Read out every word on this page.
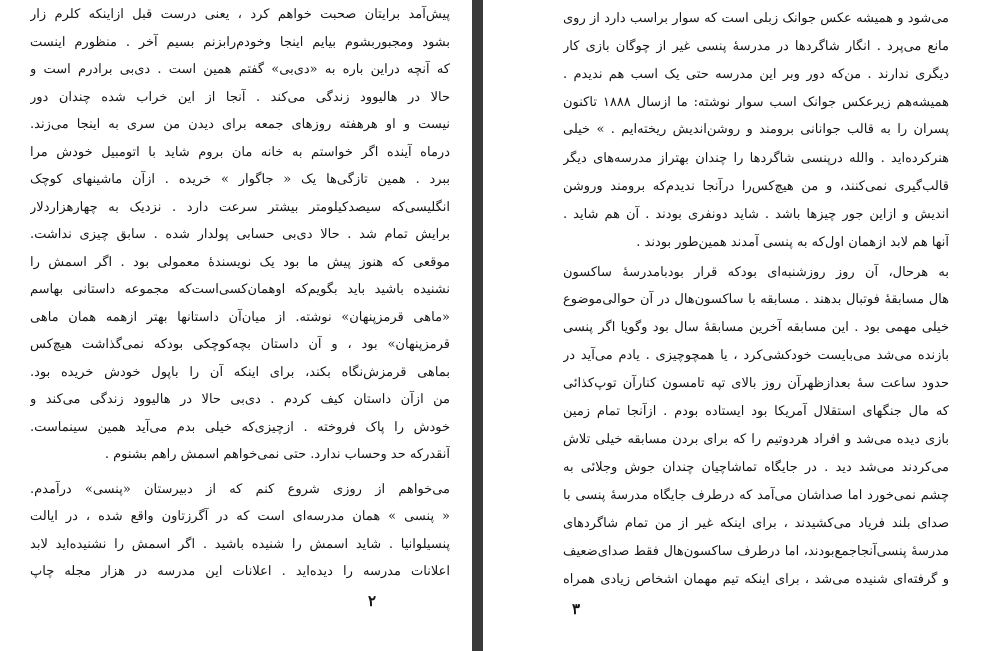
پیش‌آمد برایتان صحبت خواهم کرد ، یعنی درست قبل ازاینکه کلرم زار
بشود ومجبوربشوم بیایم اینجا وخودم‌رابزنم بسیم آخر . منظورم اینست
که آنچه دراین باره به «دی‌بی» گفتم همین است . دی‌بی برادرم است و
حالا در هالیوود زندگی می‌کند . آنجا از این خراب شده چندان دور
نیست و او هرهفته روزهای جمعه برای دیدن من سری به اینجا می‌زند.
درماه آینده اگر خواستم به خانه مان بروم شاید با اتومبیل خودش مرا
ببرد . همین تازگی‌ها یک « جاگوار » خریده . ازآن ماشینهای کوچک
انگلیسی‌که سیصدکیلومتر بیشتر سرعت دارد . نزدیک به چهارهزاردلار
برایش تمام شد . حالا دی‌بی حسابی پولدار شده . سابق چیزی نداشت.
موقعی که هنوز پیش ما بود یک نویسندهٔ معمولی بود . اگر اسمش را
نشنیده باشید باید بگویم‌که اوهمان‌کسی‌است‌که مجموعه داستانی بهاسم
«ماهی قرمزپنهان» نوشته. از میان‌آن داستانها بهتر ازهمه همان ماهی
قرمزپنهان» بود ، و آن داستان بچه‌کوچکی بودکه نمی‌گذاشت هیچ‌کس
بماهی قرمزش‌نگاه بکند، برای اینکه آن را باپول خودش خریده بود.
من ازآن داستان کیف کردم . دی‌بی حالا در هالیوود زندگی می‌کند و
خودش را پاک فروخته . ازچیزی‌که خیلی بدم می‌آید همین سینماست.
آنقدرکه حد وحساب ندارد. حتی نمی‌خواهم اسمش راهم بشنوم .
می‌خواهم از روزی شروع کنم که از دبیرستان «پنسی» درآمدم.
« پنسی » همان مدرسه‌ای است که در آگرزتاون واقع شده ، در ایالت
پنسیلوانیا . شاید اسمش را شنیده باشید . اگر اسمش را نشنیده‌اید لابد
اعلانات مدرسه را دیده‌اید . اعلانات این مدرسه در هزار مجله چاپ
۲
می‌شود و همیشه عکس جوانک زبلی است که سوار براسب دارد از روی
مانع می‌پرد . انگار شاگردها در مدرسهٔ پنسی غیر از چوگان بازی کار
دیگری ندارند . من‌که دور وبر این مدرسه حتی یک اسب هم ندیدم .
همیشه‌هم زیرعکس جوانک اسب سوار نوشته: ما ازسال ۱۸۸۸ تاکنون
پسران را به قالب جوانانی برومند و روشن‌اندیش ریخته‌ایم . » خیلی
هنرکرده‌اید . والله درپنسی شاگردها را چندان بهتراز مدرسه‌های دیگر
قالب‌گیری نمی‌کنند، و من هیچ‌کس‌را درآنجا ندیدم‌که برومند وروشن‌
اندیش و ازاین جور چیزها باشد . شاید دونفری بودند . آن هم شاید .
آنها هم لابد ازهمان اول‌که به پنسی آمدند همین‌طور بودند .
به هرحال، آن روز روزشنبه‌ای بودکه قرار بودبامدرسهٔ ساکسون‌
هال مسابقهٔ فوتبال بدهند . مسابقه با ساکسون‌هال در آن حوالی‌موضوع
خیلی مهمی بود . این مسابقه آخرین مسابقهٔ سال بود وگویا اگر پنسی
بازنده می‌شد می‌بایست خودکشی‌کرد ، یا همچوچیزی . یادم می‌آید در
حدود ساعت سهٔ بعدازظهرآن روز بالای تپه تامسون کنارآن توپ‌کذائی
که مال جنگهای استقلال آمریکا بود ایستاده بودم . ازآنجا تمام زمین
بازی دیده می‌شد و افراد هردوتیم را که برای بردن مسابقه خیلی تلاش
می‌کردند می‌شد دید . در جایگاه تماشاچیان چندان جوش وجلائی به
چشم نمی‌خورد اما صداشان می‌آمد که درطرف جایگاه مدرسهٔ پنسی با
صدای بلند فریاد می‌کشیدند ، برای اینکه غیر از من تمام شاگردهای
مدرسهٔ پنسی‌آنجاجمع‌بودند، اما درطرف ساکسون‌هال فقط صدای‌ضعیف
و گرفته‌ای شنیده می‌شد ، برای اینکه تیم مهمان اشخاص زیادی همراه
۳
